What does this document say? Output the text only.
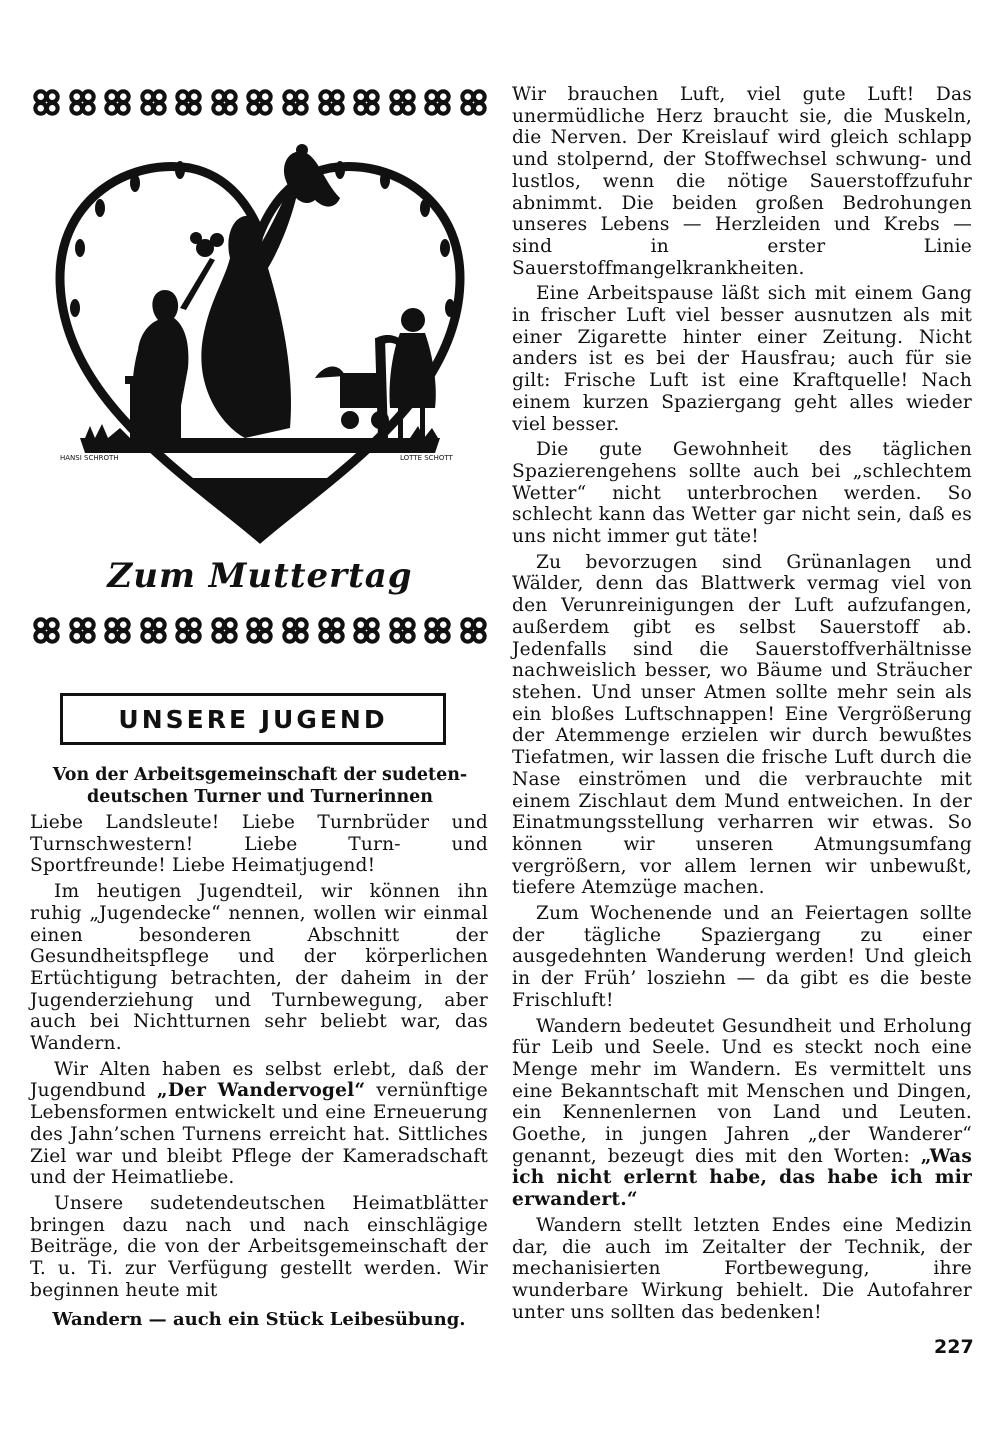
HANSI SCHROTH	LOTTE SCHOTT
Zum Muttertag
UNSERE JUGEND
Von der Arbeitsgemeinschaft der sudeten-deutschen Turner und Turnerinnen

Liebe Landsleute! Liebe Turnbrüder und Turnschwestern! Liebe Turn- und Sportfreunde! Liebe Heimatjugend!

Im heutigen Jugendteil, wir können ihn ruhig „Jugendecke“ nennen, wollen wir einmal einen besonderen Abschnitt der Gesundheitspflege und der körperlichen Ertüchtigung betrachten, der daheim in der Jugenderziehung und Turnbewegung, aber auch bei Nichtturnen sehr beliebt war, das Wandern.

Wir Alten haben es selbst erlebt, daß der Jugendbund „Der Wandervogel“ vernünftige Lebensformen entwickelt und eine Erneuerung des Jahn’schen Turnens erreicht hat. Sittliches Ziel war und bleibt Pflege der Kameradschaft und der Heimatliebe.

Unsere sudetendeutschen Heimatblätter bringen dazu nach und nach einschlägige Beiträge, die von der Arbeitsgemeinschaft der T. u. Ti. zur Verfügung gestellt werden. Wir beginnen heute mit

Wandern — auch ein Stück Leibesübung.

Wir brauchen Luft, viel gute Luft! Das unermüdliche Herz braucht sie, die Muskeln, die Nerven. Der Kreislauf wird gleich schlapp und stolpernd, der Stoffwechsel schwung- und lustlos, wenn die nötige Sauerstoffzufuhr abnimmt. Die beiden großen Bedrohungen unseres Lebens — Herzleiden und Krebs — sind in erster Linie Sauerstoffmangelkrankheiten.

Eine Arbeitspause läßt sich mit einem Gang in frischer Luft viel besser ausnutzen als mit einer Zigarette hinter einer Zeitung. Nicht anders ist es bei der Hausfrau; auch für sie gilt: Frische Luft ist eine Kraftquelle! Nach einem kurzen Spaziergang geht alles wieder viel besser.

Die gute Gewohnheit des täglichen Spazierengehens sollte auch bei „schlechtem Wetter“ nicht unterbrochen werden. So schlecht kann das Wetter gar nicht sein, daß es uns nicht immer gut täte!

Zu bevorzugen sind Grünanlagen und Wälder, denn das Blattwerk vermag viel von den Verunreinigungen der Luft aufzufangen, außerdem gibt es selbst Sauerstoff ab. Jedenfalls sind die Sauerstoffverhältnisse nachweislich besser, wo Bäume und Sträucher stehen. Und unser Atmen sollte mehr sein als ein bloßes Luftschnappen! Eine Vergrößerung der Atemmenge erzielen wir durch bewußtes Tiefatmen, wir lassen die frische Luft durch die Nase einströmen und die verbrauchte mit einem Zischlaut dem Mund entweichen. In der Einatmungsstellung verharren wir etwas. So können wir unseren Atmungsumfang vergrößern, vor allem lernen wir unbewußt, tiefere Atemzüge machen.

Zum Wochenende und an Feiertagen sollte der tägliche Spaziergang zu einer ausgedehnten Wanderung werden! Und gleich in der Früh’ losziehn — da gibt es die beste Frischluft!

Wandern bedeutet Gesundheit und Erholung für Leib und Seele. Und es steckt noch eine Menge mehr im Wandern. Es vermittelt uns eine Bekanntschaft mit Menschen und Dingen, ein Kennenlernen von Land und Leuten. Goethe, in jungen Jahren „der Wanderer“ genannt, bezeugt dies mit den Worten: „Was ich nicht erlernt habe, das habe ich mir erwandert.“

Wandern stellt letzten Endes eine Medizin dar, die auch im Zeitalter der Technik, der mechanisierten Fortbewegung, ihre wunderbare Wirkung behielt. Die Autofahrer unter uns sollten das bedenken!

227
